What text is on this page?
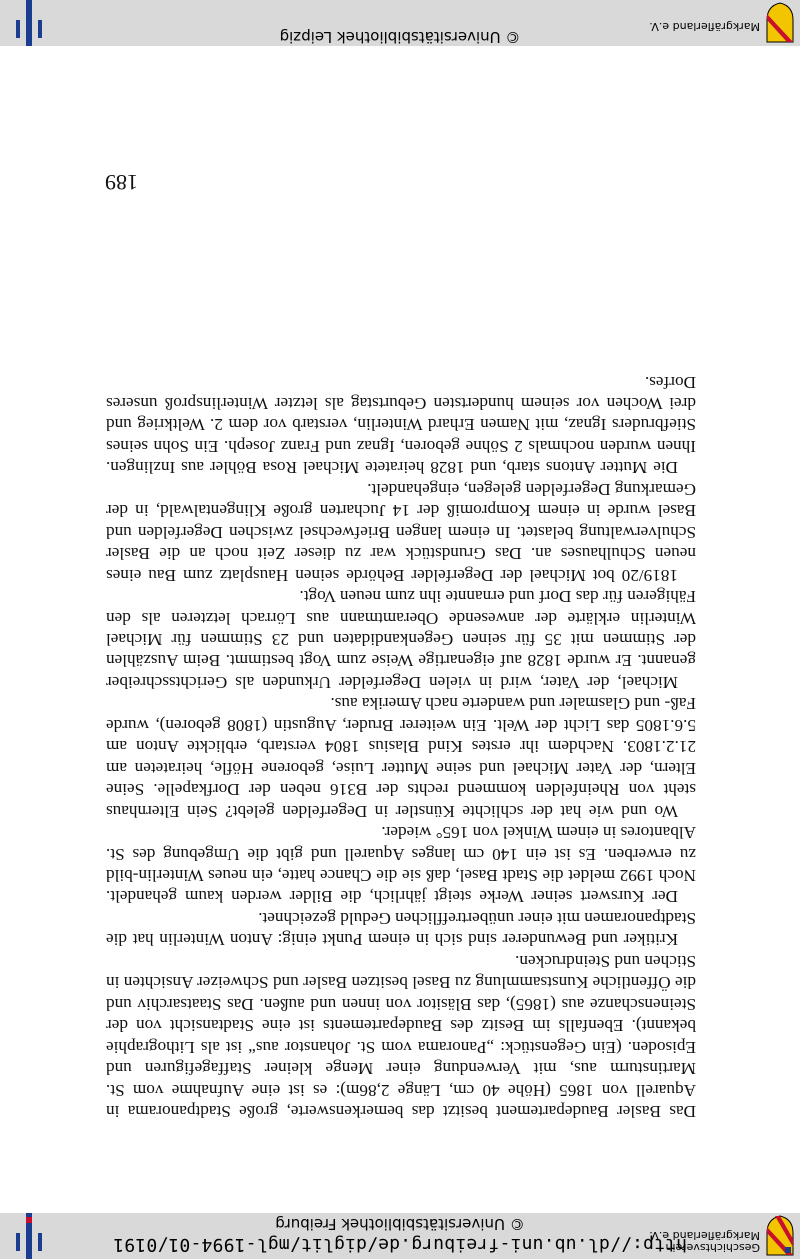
Geschichtsverein
Markgräflerland e.V.
http://dl.ub.uni-freiburg.de/diglit/mgl-1994-01/0191
© Universitätsbibliothek Freiburg
189

Das Basler Baudepartement besitzt das bemerkenswerte, große Stadtpanorama in Aquarell von 1865 (Höhe 40 cm, Länge 2,86m): es ist eine Aufnahme vom St. Martinsturm aus, mit Verwendung einer Menge kleiner Staffagefiguren und Episoden. (Ein Gegenstück: „Panorama vom St. Johanstor aus“ ist als Lithographie bekannt). Ebenfalls im Besitz des Baudepartements ist eine Stadtansicht von der Steinenschanze aus (1865), das Bläsitor von innen und außen. Das Staatsarchiv und die Öffentliche Kunstsammlung zu Basel besitzen Basler und Schweizer Ansichten in Stichen und Steindrucken.

Kritiker und Bewunderer sind sich in einem Punkt einig: Anton Winterlin hat die Stadtpanoramen mit einer unübertrefflichen Geduld gezeichnet.

Der Kurswert seiner Werke steigt jährlich, die Bilder werden kaum gehandelt. Noch 1992 meldet die Stadt Basel, daß sie die Chance hatte, ein neues Winterlin-bild zu erwerben. Es ist ein 140 cm langes Aquarell und gibt die Umgebung des St. Albantores in einem Winkel von 165° wieder.

Wo und wie hat der schlichte Künstler in Degerfelden gelebt? Sein Elternhaus steht von Rheinfelden kommend rechts der B316 neben der Dorfkapelle. Seine Eltern, der Vater Michael und seine Mutter Luise, geborene Höfle, heirateten am 21.2.1803. Nachdem ihr erstes Kind Blasius 1804 verstarb, erblickte Anton am 5.6.1805 das Licht der Welt. Ein weiterer Bruder, Augustin (1808 geboren), wurde Faß- und Glasmaler und wanderte nach Amerika aus.

Michael, der Vater, wird in vielen Degerfelder Urkunden als Gerichtsschreiber genannt. Er wurde 1828 auf eigenartige Weise zum Vogt bestimmt. Beim Auszählen der Stimmen mit 35 für seinen Gegenkandidaten und 23 Stimmen für Michael Winterlin erklärte der anwesende Oberamtmann aus Lörrach letzteren als den Fähigeren für das Dorf und ernannte ihn zum neuen Vogt.

1819/20 bot Michael der Degerfelder Behörde seinen Hausplatz zum Bau eines neuen Schulhauses an. Das Grundstück war zu dieser Zeit noch an die Basler Schulverwaltung belastet. In einem langen Briefwechsel zwischen Degerfelden und Basel wurde in einem Kompromiß der 14 Jucharten große Klingentalwald, in der Gemarkung Degerfelden gelegen, eingehandelt.

Die Mutter Antons starb, und 1828 heiratete Michael Rosa Böhler aus Inzlingen. Ihnen wurden nochmals 2 Söhne geboren, Ignaz und Franz Joseph. Ein Sohn seines Stiefbruders Ignaz, mit Namen Erhard Winterlin, verstarb vor dem 2. Weltkrieg und drei Wochen vor seinem hundertsten Geburtstag als letzter Winterlinsproß unseres Dorfes.

Markgräflerland e.V.
© Universitätsbibliothek Leipzig
